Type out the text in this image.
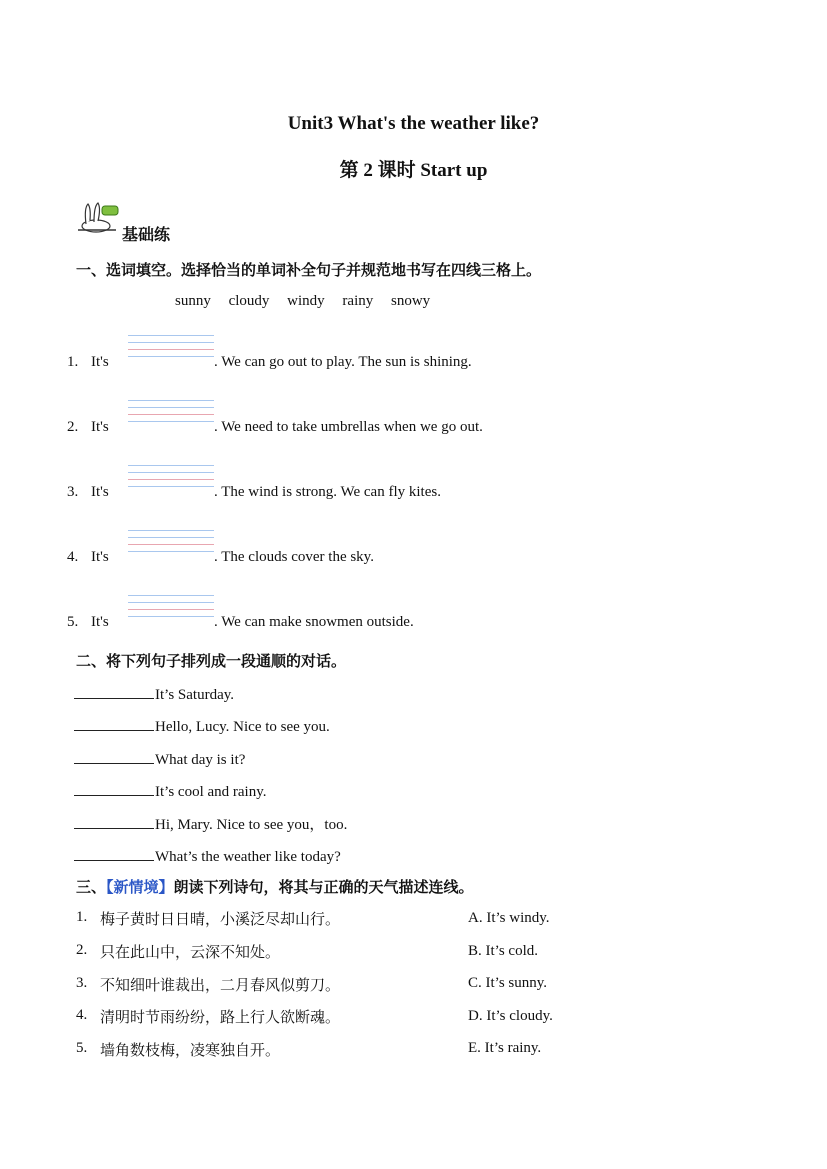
Unit3 What's the weather like?
第 2 课时 Start up
基础练
一、选词填空。选择恰当的单词补全句子并规范地书写在四线三格上。
sunny cloudy windy rainy snowy
1. It's	. We can go out to play. The sun is shining.
2. It's	. We need to take umbrellas when we go out.
3. It's	. The wind is strong. We can fly kites.
4. It's	. The clouds cover the sky.
5. It's	. We can make snowmen outside.
二、将下列句子排列成一段通顺的对话。
It’s Saturday.
Hello, Lucy. Nice to see you.
What day is it?
It’s cool and rainy.
Hi, Mary. Nice to see you，too.
What’s the weather like today?
三、【新情境】朗读下列诗句，将其与正确的天气描述连线。
1. 梅子黄时日日晴，小溪泛尽却山行。	A. It’s windy.
2. 只在此山中，云深不知处。	B. It’s cold.
3. 不知细叶谁裁出，二月春风似剪刀。	C. It’s sunny.
4. 清明时节雨纷纷，路上行人欲断魂。	D. It’s cloudy.
5. 墙角数枝梅，凌寒独自开。	E. It’s rainy.
